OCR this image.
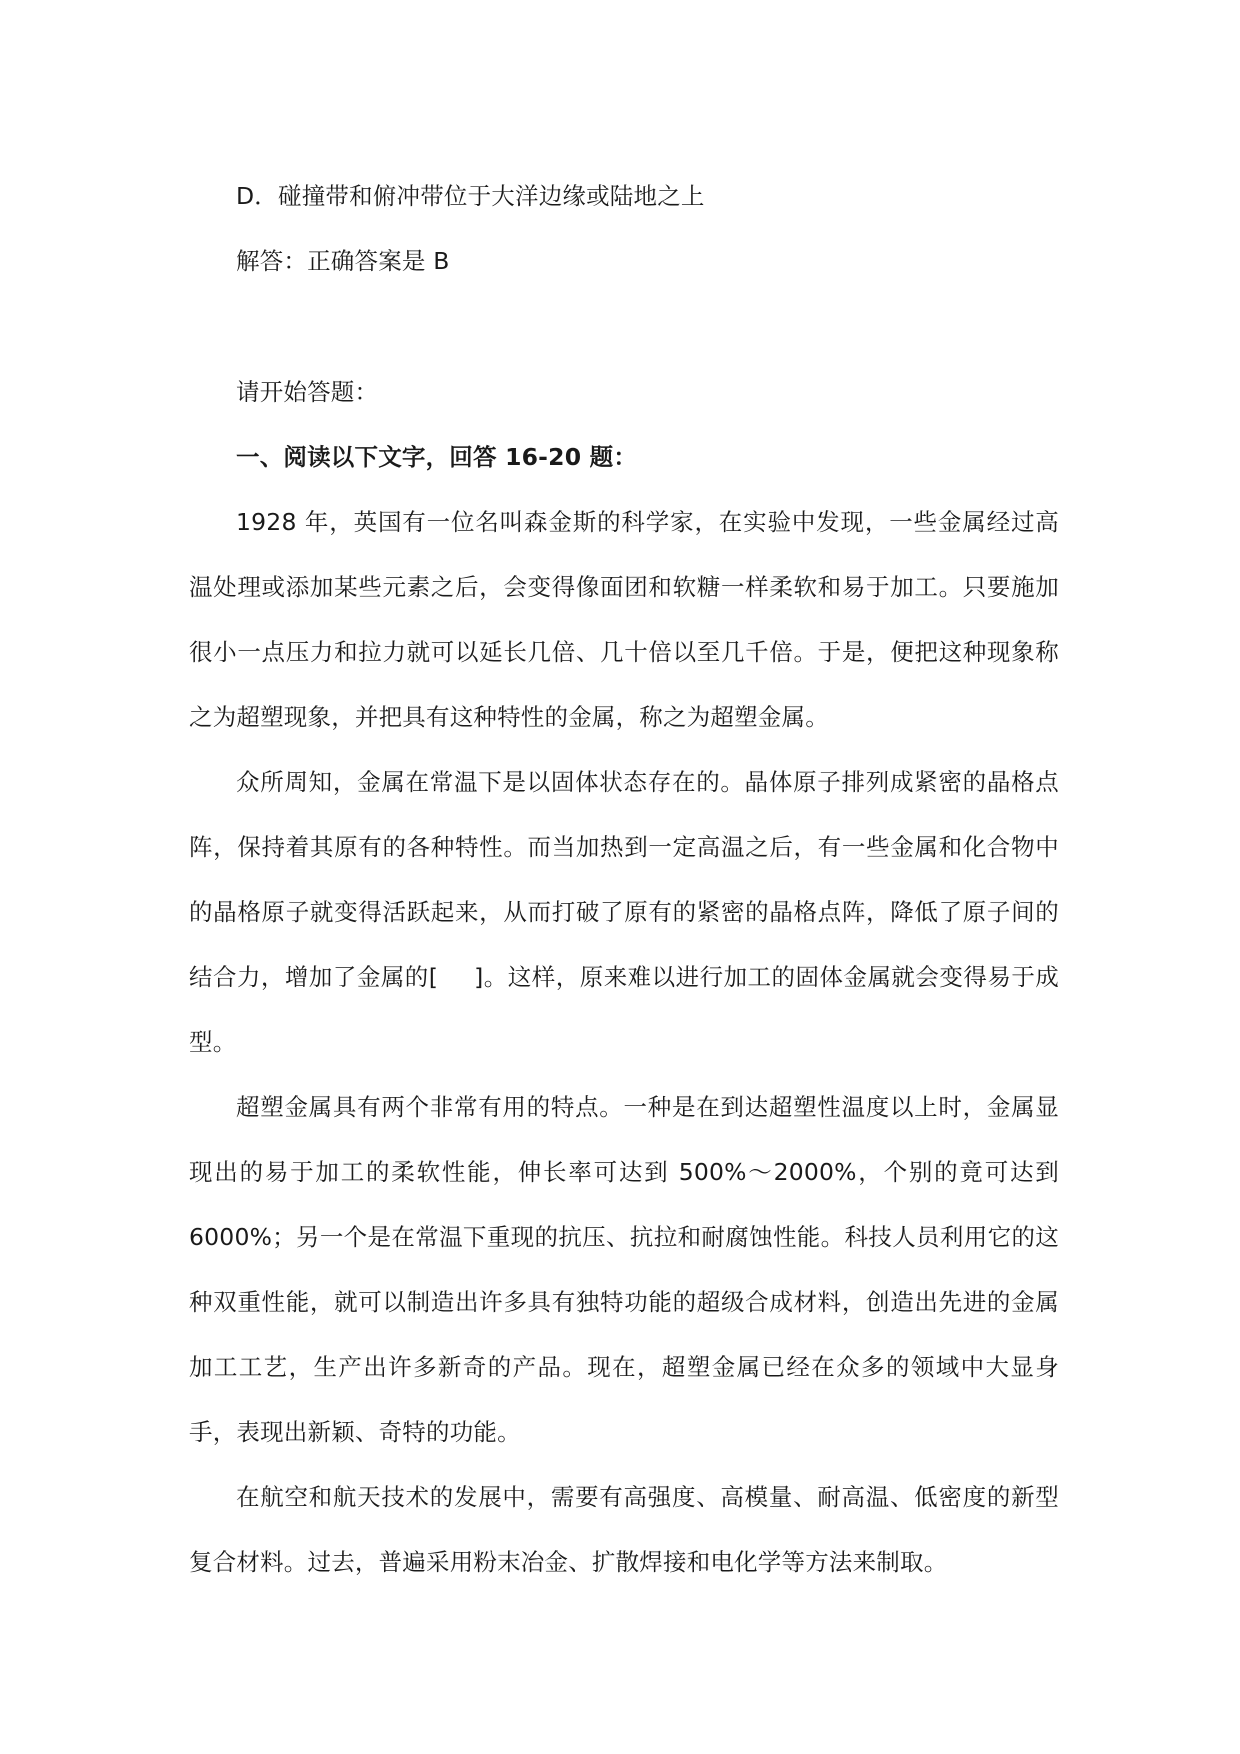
D．碰撞带和俯冲带位于大洋边缘或陆地之上

解答：正确答案是 B

请开始答题：

一、阅读以下文字，回答 16-20 题：

1928 年，英国有一位名叫森金斯的科学家，在实验中发现，一些金属经过高温处理或添加某些元素之后，会变得像面团和软糖一样柔软和易于加工。只要施加很小一点压力和拉力就可以延长几倍、几十倍以至几千倍。于是，便把这种现象称之为超塑现象，并把具有这种特性的金属，称之为超塑金属。

众所周知，金属在常温下是以固体状态存在的。晶体原子排列成紧密的晶格点阵，保持着其原有的各种特性。而当加热到一定高温之后，有一些金属和化合物中的晶格原子就变得活跃起来，从而打破了原有的紧密的晶格点阵，降低了原子间的结合力，增加了金属的[ ]。这样，原来难以进行加工的固体金属就会变得易于成型。

超塑金属具有两个非常有用的特点。一种是在到达超塑性温度以上时，金属显现出的易于加工的柔软性能，伸长率可达到 500%～2000%，个别的竟可达到 6000%；另一个是在常温下重现的抗压、抗拉和耐腐蚀性能。科技人员利用它的这种双重性能，就可以制造出许多具有独特功能的超级合成材料，创造出先进的金属加工工艺，生产出许多新奇的产品。现在，超塑金属已经在众多的领域中大显身手，表现出新颖、奇特的功能。

在航空和航天技术的发展中，需要有高强度、高模量、耐高温、低密度的新型复合材料。过去，普遍采用粉末冶金、扩散焊接和电化学等方法来制取。
